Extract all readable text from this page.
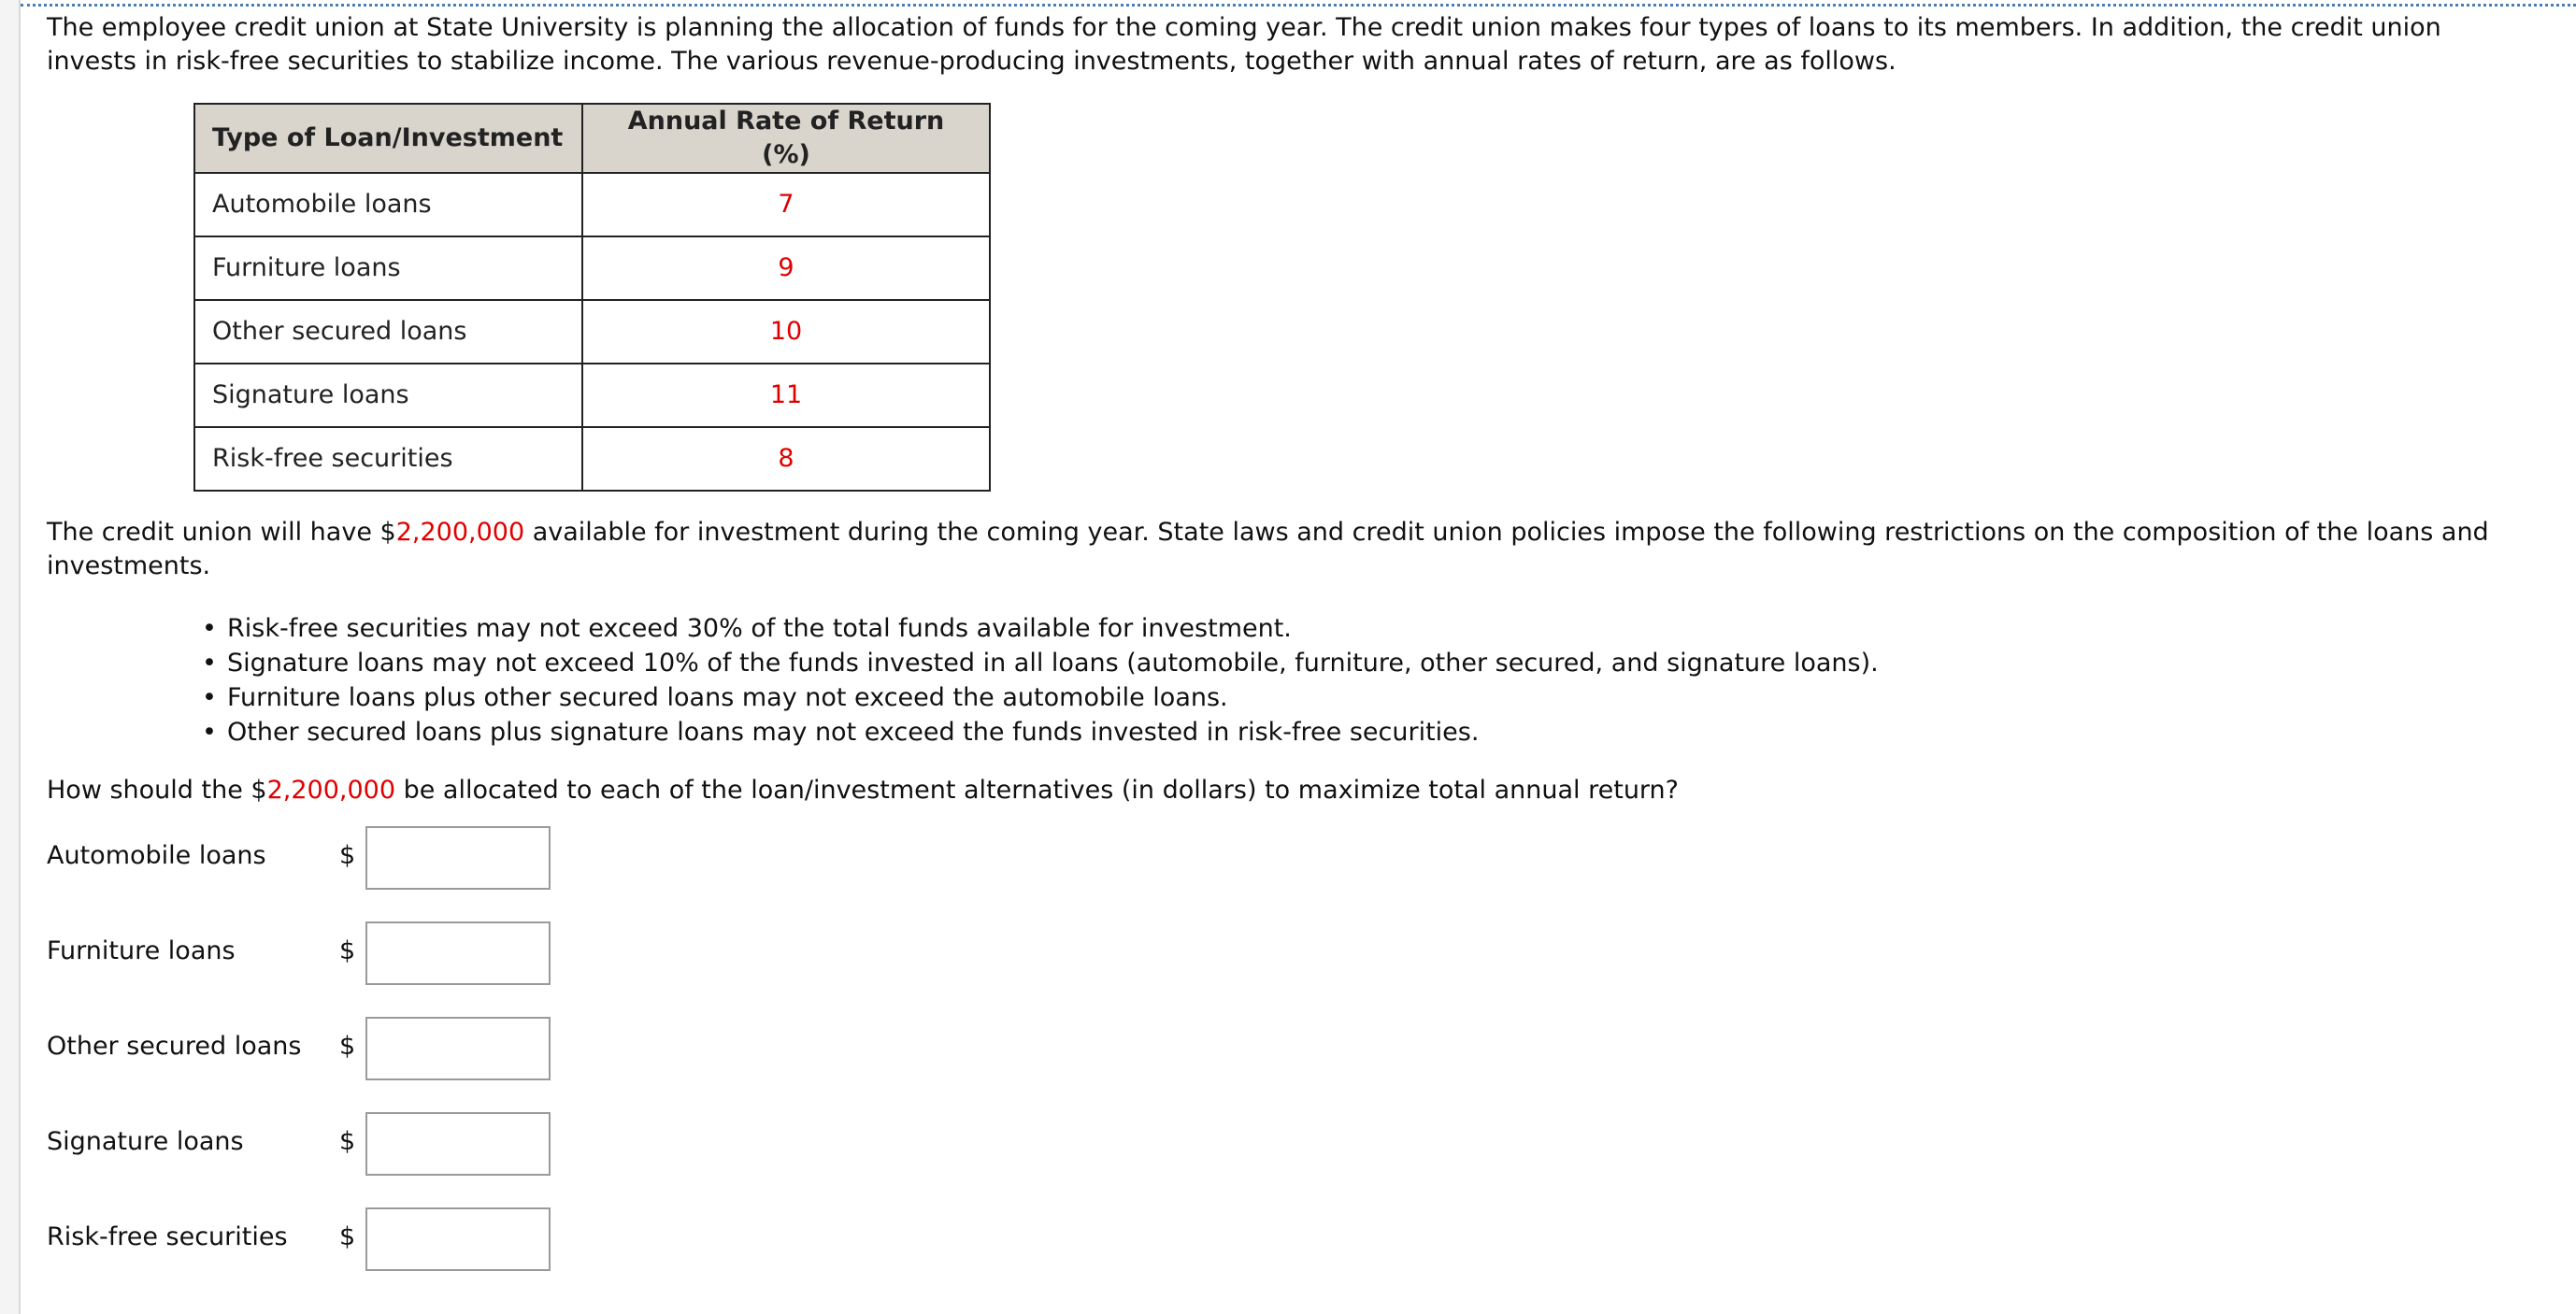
The employee credit union at State University is planning the allocation of funds for the coming year. The credit union makes four types of loans to its members. In addition, the credit union invests in risk-free securities to stabilize income. The various revenue-producing investments, together with annual rates of return, are as follows.

Type of Loan/Investment	Annual Rate of Return (%)
Automobile loans	7
Furniture loans	9
Other secured loans	10
Signature loans	11
Risk-free securities	8

The credit union will have $2,200,000 available for investment during the coming year. State laws and credit union policies impose the following restrictions on the composition of the loans and investments.

• Risk-free securities may not exceed 30% of the total funds available for investment.
• Signature loans may not exceed 10% of the funds invested in all loans (automobile, furniture, other secured, and signature loans).
• Furniture loans plus other secured loans may not exceed the automobile loans.
• Other secured loans plus signature loans may not exceed the funds invested in risk-free securities.

How should the $2,200,000 be allocated to each of the loan/investment alternatives (in dollars) to maximize total annual return?

Automobile loans	$
Furniture loans	$
Other secured loans $
Signature loans	$
Risk-free securities $
